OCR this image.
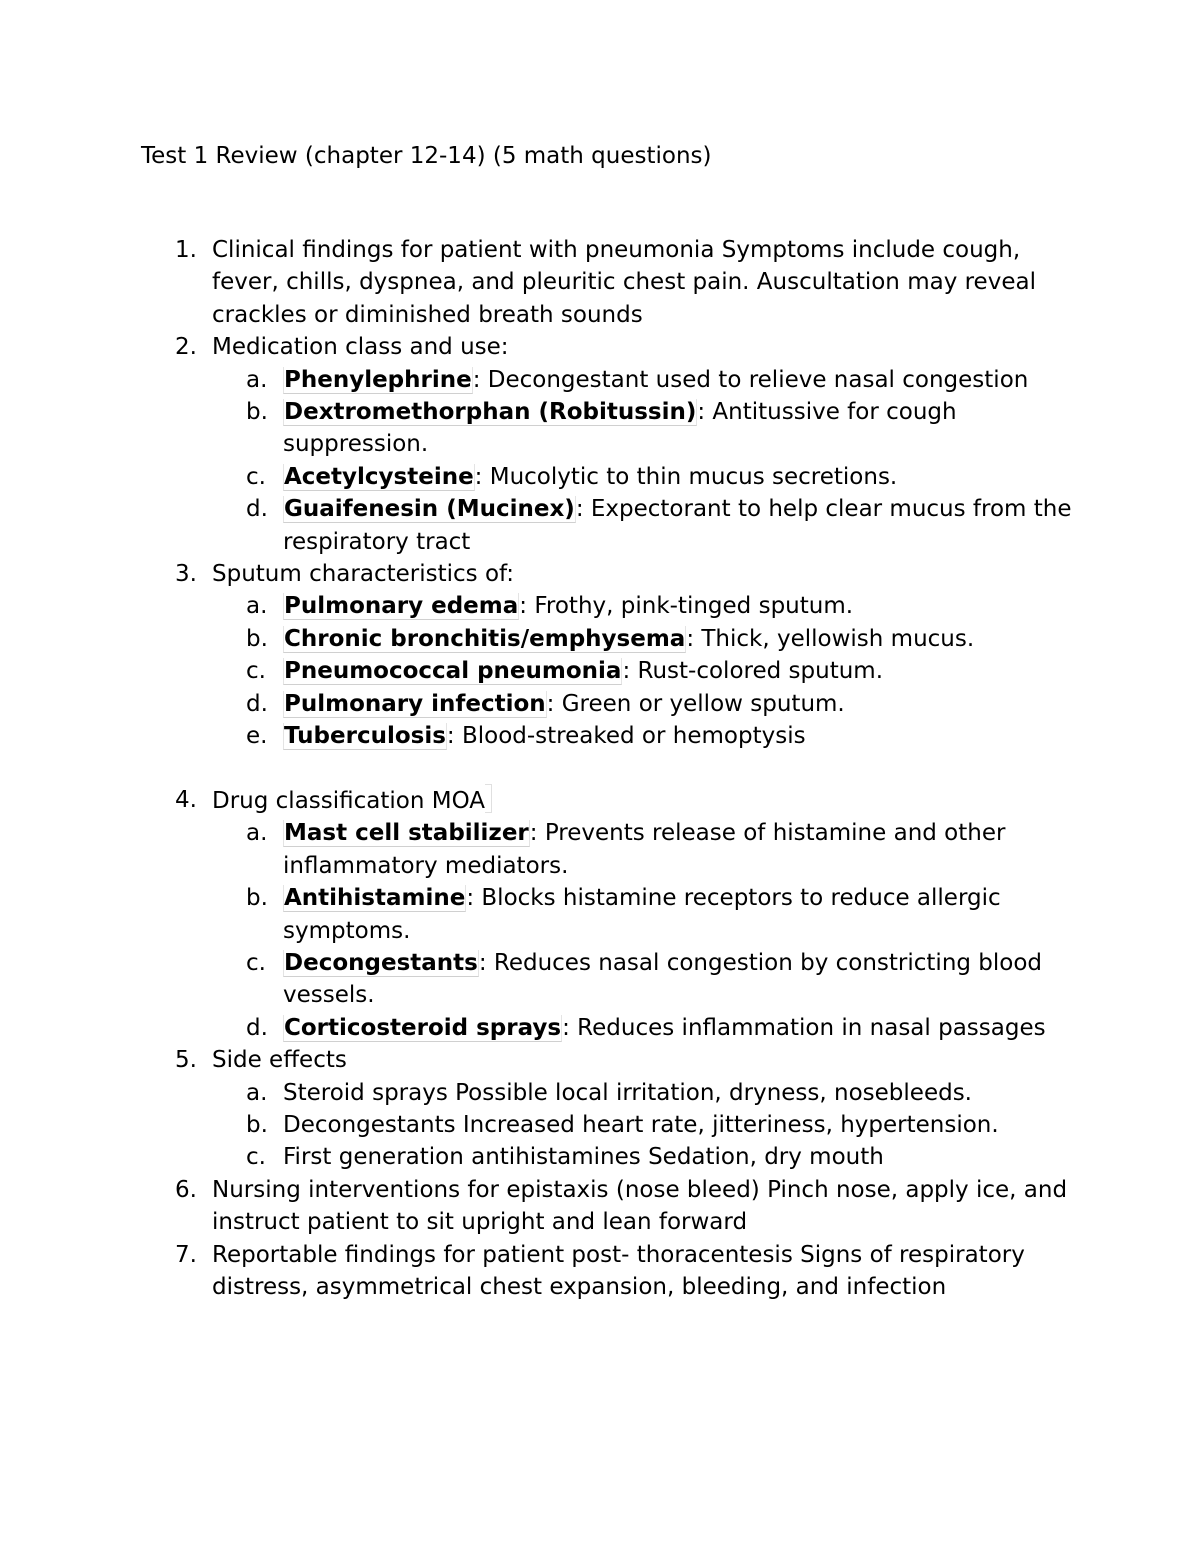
Test 1 Review (chapter 12-14) (5 math questions)
1. Clinical findings for patient with pneumonia Symptoms include cough, fever, chills, dyspnea, and pleuritic chest pain. Auscultation may reveal crackles or diminished breath sounds
2. Medication class and use:
a. Phenylephrine: Decongestant used to relieve nasal congestion
b. Dextromethorphan (Robitussin): Antitussive for cough suppression.
c. Acetylcysteine: Mucolytic to thin mucus secretions.
d. Guaifenesin (Mucinex): Expectorant to help clear mucus from the respiratory tract
3. Sputum characteristics of:
a. Pulmonary edema: Frothy, pink-tinged sputum.
b. Chronic bronchitis/emphysema: Thick, yellowish mucus.
c. Pneumococcal pneumonia: Rust-colored sputum.
d. Pulmonary infection: Green or yellow sputum.
e. Tuberculosis: Blood-streaked or hemoptysis
4. Drug classification MOA
a. Mast cell stabilizer: Prevents release of histamine and other inflammatory mediators.
b. Antihistamine: Blocks histamine receptors to reduce allergic symptoms.
c. Decongestants: Reduces nasal congestion by constricting blood vessels.
d. Corticosteroid sprays: Reduces inflammation in nasal passages
5. Side effects
a. Steroid sprays Possible local irritation, dryness, nosebleeds.
b. Decongestants Increased heart rate, jitteriness, hypertension.
c. First generation antihistamines Sedation, dry mouth
6. Nursing interventions for epistaxis (nose bleed) Pinch nose, apply ice, and instruct patient to sit upright and lean forward
7. Reportable findings for patient post- thoracentesis Signs of respiratory distress, asymmetrical chest expansion, bleeding, and infection
